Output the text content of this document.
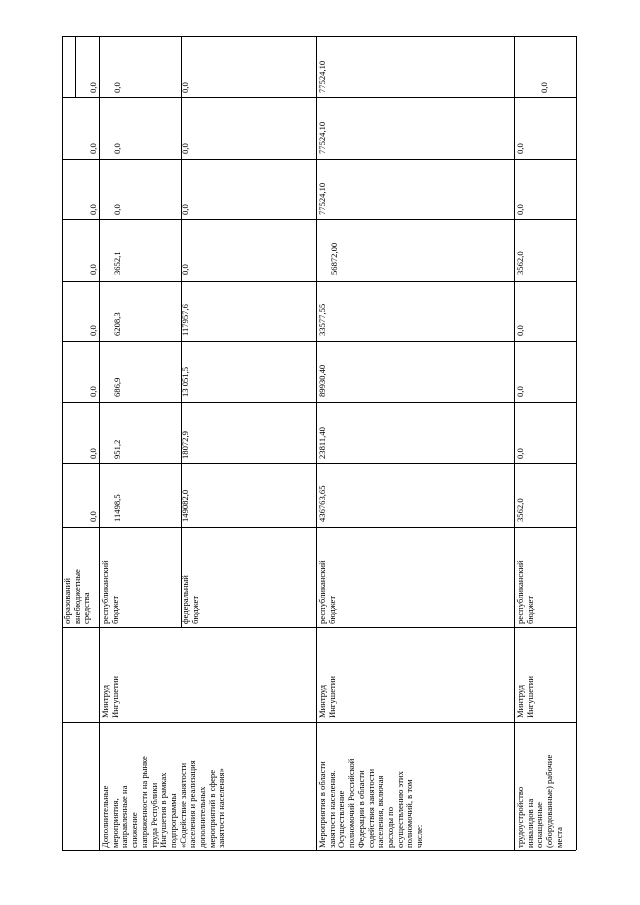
образований внебюджетные средства
0,0
0,0
0,0
0,0
0,0
0,0
0,0
0,0
Дополнительные мероприятия, направленные на снижение напряженности на рынке труда Республики Ингушетия в рамках подпрограммы «Содействие занятости населения и реализация дополнительных мероприятий в сфере занятости населения»
Минтруд Ингушетии
республиканский бюджет
11498,5
951,2
686,9
6208,3
3652,1
0,0
0,0
0,0
федеральный бюджет
149082,0
18072,9
13 051,5
117957,6
0,0
0,0
0,0
0,0
Мероприятия в области занятости населения. Осуществление полномочий Российской Федерации в области содействия занятости населения, включая расходы по осуществлению этих полномочий, в том числе:
Минтруд Ингушетии
республиканский бюджет
436763,65
23811,40
89930,40
33577,55
56872,00
77524,10
77524,10
77524,10
трудоустройство инвалидов на оснащенные (оборудованные) рабочие места
Минтруд Ингушетии
республиканский бюджет
3562,0
0,0
0,0
0,0
3562,0
0,0
0,0
0,0
